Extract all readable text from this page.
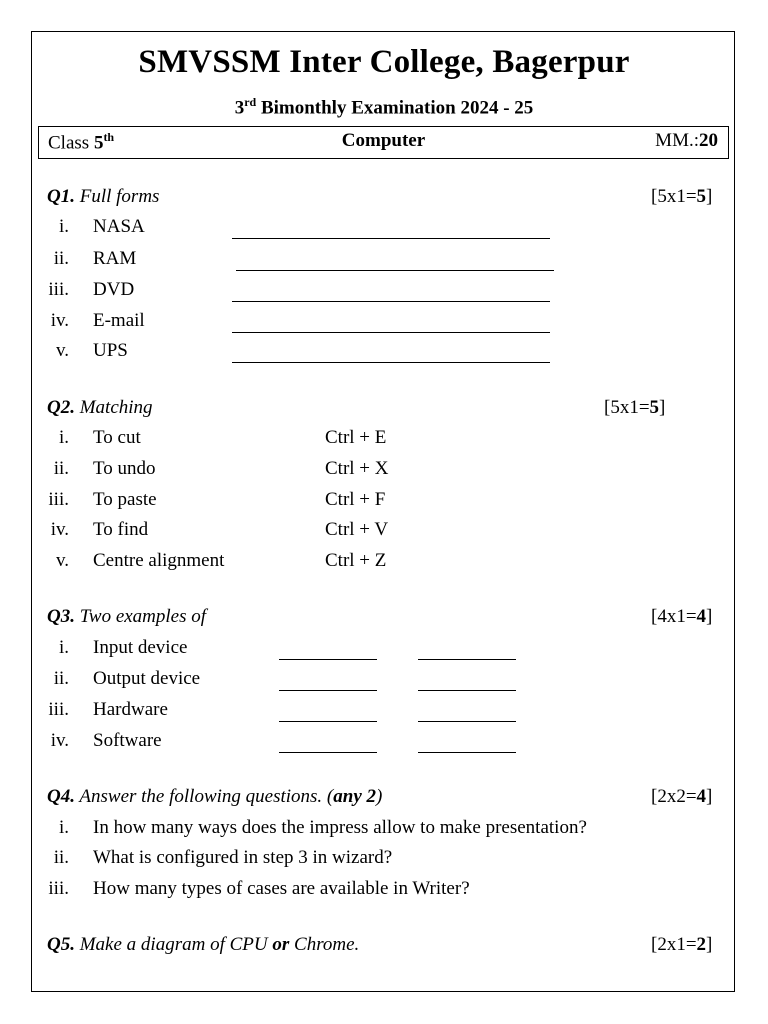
SMVSSM Inter College, Bagerpur
3rd Bimonthly Examination 2024 - 25
Class 5th	Computer	MM.:20
Q1. Full forms	[5x1=5]
i. NASA
ii. RAM
iii. DVD
iv. E-mail
v. UPS
Q2. Matching	[5x1=5]
i. To cut	Ctrl + E
ii. To undo	Ctrl + X
iii. To paste	Ctrl + F
iv. To find	Ctrl + V
v. Centre alignment	Ctrl + Z
Q3. Two examples of	[4x1=4]
i. Input device
ii. Output device
iii. Hardware
iv. Software
Q4. Answer the following questions. (any 2)	[2x2=4]
i. In how many ways does the impress allow to make presentation?
ii. What is configured in step 3 in wizard?
iii. How many types of cases are available in Writer?
Q5. Make a diagram of CPU or Chrome.	[2x1=2]
